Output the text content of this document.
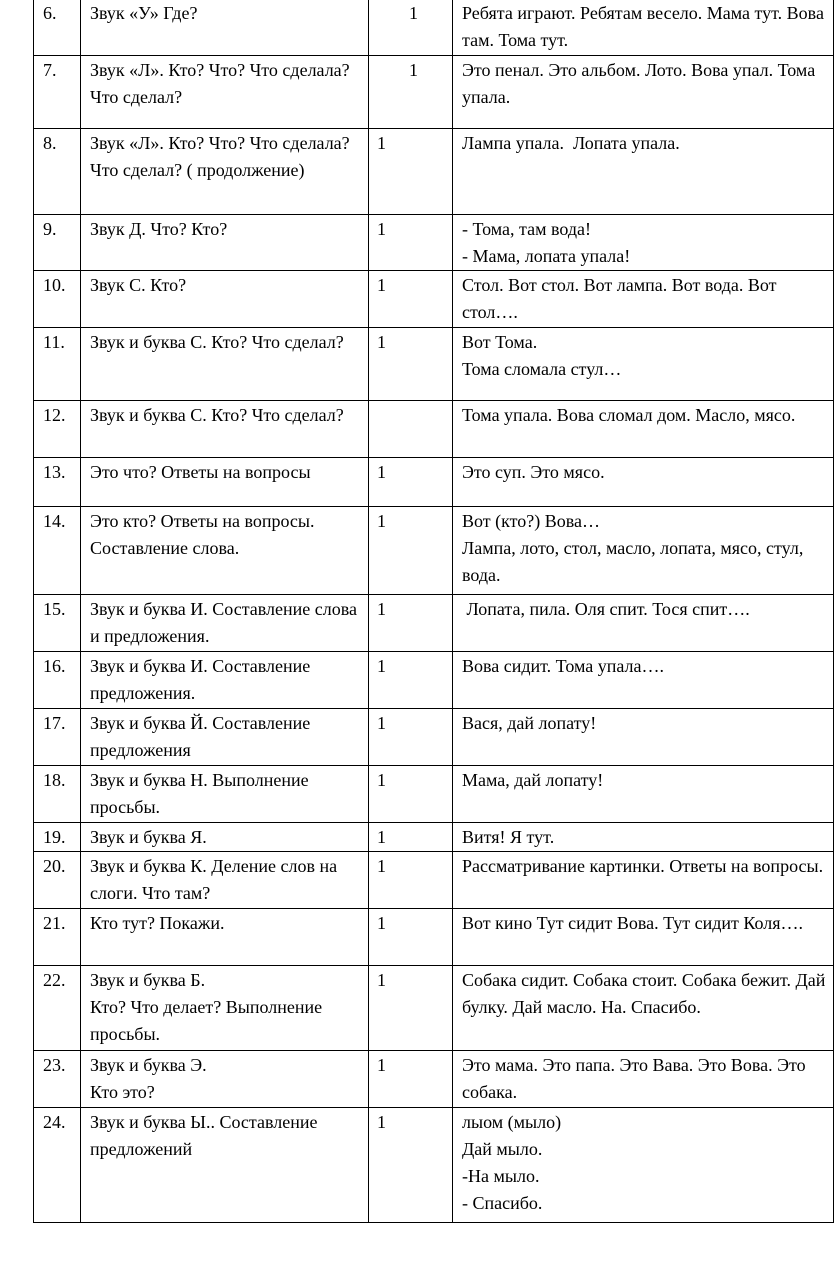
6.	Звук «У» Где?	1	Ребята играют. Ребятам весело. Мама тут. Вова там. Тома тут.

7.	Звук «Л». Кто? Что? Что сделала? Что сделал?	1	Это пенал. Это альбом. Лото. Вова упал. Тома упала.

8.	Звук «Л». Кто? Что? Что сделала? Что сделал? ( продолжение)	1	Лампа упала.  Лопата упала.

9.	Звук Д. Что? Кто?	1	- Тома, там вода!
- Мама, лопата упала!

10.	Звук С. Кто?	1	Стол. Вот стол. Вот лампа. Вот вода. Вот стол….

11.	Звук и буква С. Кто? Что сделал?	1	Вот Тома.
Тома сломала стул…

12.	Звук и буква С. Кто? Что сделал?		Тома упала. Вова сломал дом. Масло, мясо.

13.	Это что? Ответы на вопросы	1	Это суп. Это мясо.

14.	Это кто? Ответы на вопросы. Составление слова.	1	Вот (кто?) Вова…
Лампа, лото, стол, масло, лопата, мясо, стул, вода.

15.	Звук и буква И. Составление слова и предложения.	1	Лопата, пила. Оля спит. Тося спит….

16.	Звук и буква И. Составление предложения.	1	Вова сидит. Тома упала….

17.	Звук и буква Й. Составление предложения	1	Вася, дай лопату!

18.	Звук и буква Н. Выполнение просьбы.	1	Мама, дай лопату!

19.	Звук и буква Я.	1	Витя! Я тут.

20.	Звук и буква К. Деление слов на слоги. Что там?	1	Рассматривание картинки. Ответы на вопросы.

21.	Кто тут? Покажи.	1	Вот кино Тут сидит Вова. Тут сидит Коля….

22.	Звук и буква Б.
Кто? Что делает? Выполнение просьбы.	1	Собака сидит. Собака стоит. Собака бежит. Дай булку. Дай масло. На. Спасибо.

23.	Звук и буква Э.
Кто это?	1	Это мама. Это папа. Это Вава. Это Вова. Это собака.

24.	Звук и буква Ы.. Составление предложений	1	лыом (мыло)
Дай мыло.
-На мыло.
- Спасибо.
